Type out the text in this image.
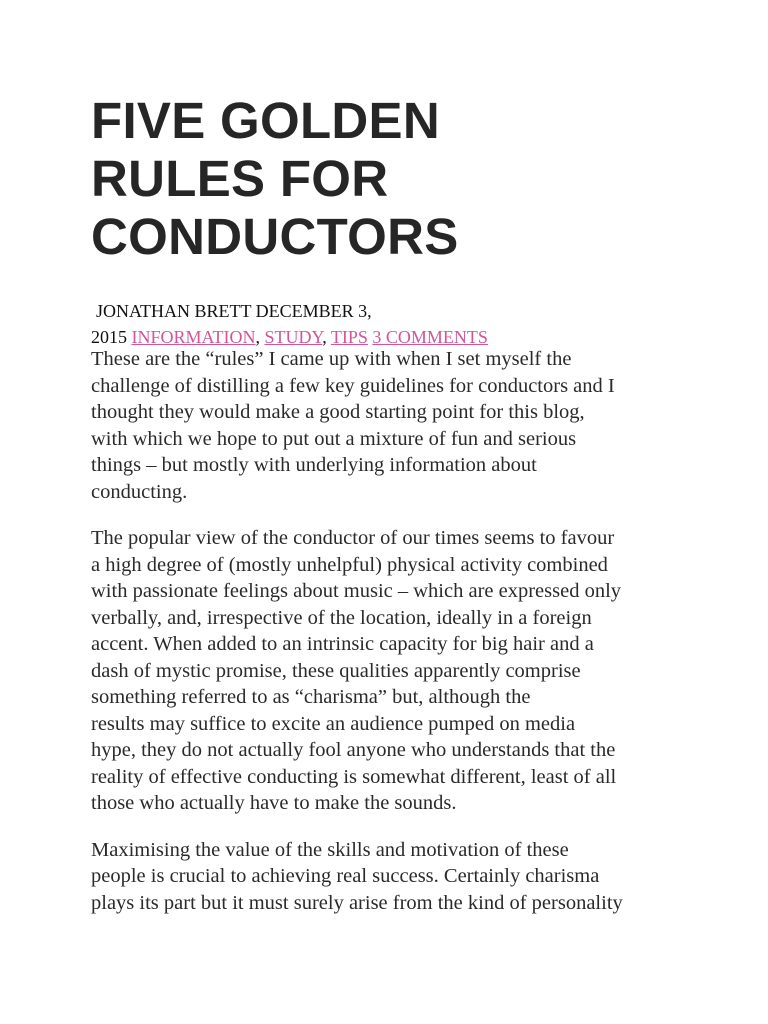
FIVE GOLDEN
RULES FOR
CONDUCTORS
JONATHAN BRETT DECEMBER 3,
2015 INFORMATION, STUDY, TIPS 3 COMMENTS

These are the “rules” I came up with when I set myself the
challenge of distilling a few key guidelines for conductors and I
thought they would make a good starting point for this blog,
with which we hope to put out a mixture of fun and serious
things – but mostly with underlying information about
conducting.

The popular view of the conductor of our times seems to favour
a high degree of (mostly unhelpful) physical activity combined
with passionate feelings about music – which are expressed only
verbally, and, irrespective of the location, ideally in a foreign
accent. When added to an intrinsic capacity for big hair and a
dash of mystic promise, these qualities apparently comprise
something referred to as “charisma” but, although the
results may suffice to excite an audience pumped on media
hype, they do not actually fool anyone who understands that the
reality of effective conducting is somewhat different, least of all
those who actually have to make the sounds.

Maximising the value of the skills and motivation of these
people is crucial to achieving real success. Certainly charisma
plays its part but it must surely arise from the kind of personality
